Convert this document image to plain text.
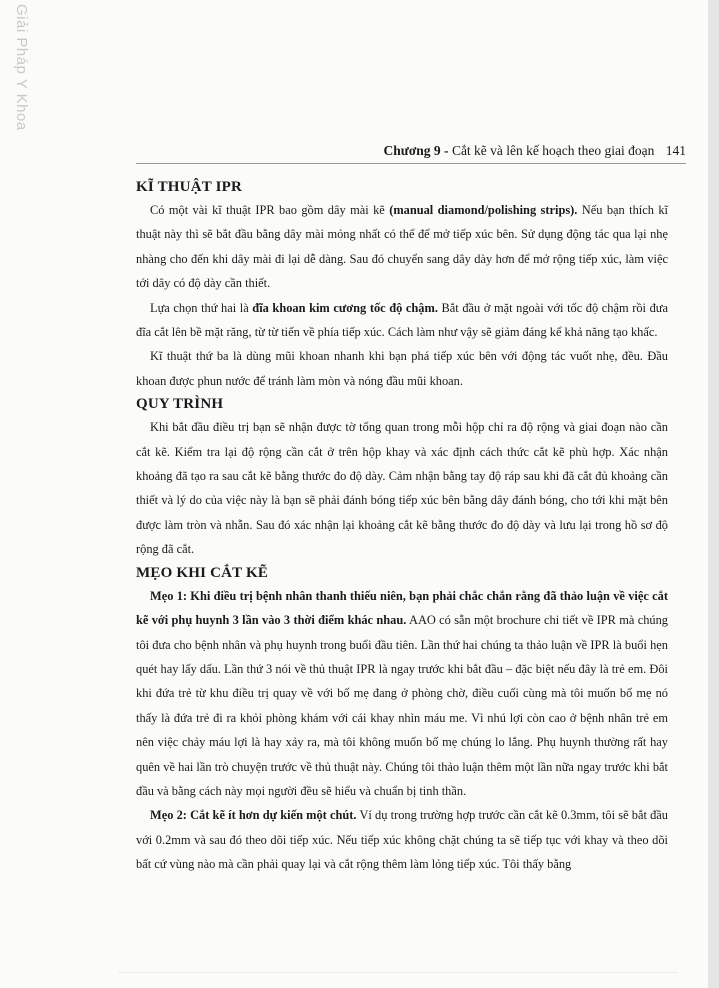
Giải Pháp Y Khoa
Chương 9 - Cắt kẽ và lên kế hoạch theo giai đoạn 141
KĨ THUẬT IPR

Có một vài kĩ thuật IPR bao gồm dây mài kẽ (manual diamond/polishing strips). Nếu bạn thích kĩ thuật này thì sẽ bắt đầu bằng dây mài mỏng nhất có thể để mở tiếp xúc bên. Sử dụng động tác qua lại nhẹ nhàng cho đến khi dây mài đi lại dễ dàng. Sau đó chuyển sang dây dày hơn để mở rộng tiếp xúc, làm việc tới dây có độ dày cần thiết.

Lựa chọn thứ hai là đĩa khoan kim cương tốc độ chậm. Bắt đầu ở mặt ngoài với tốc độ chậm rồi đưa đĩa cắt lên bề mặt răng, từ từ tiến về phía tiếp xúc. Cách làm như vậy sẽ giảm đáng kể khả năng tạo khấc.

Kĩ thuật thứ ba là dùng mũi khoan nhanh khi bạn phá tiếp xúc bên với động tác vuốt nhẹ, đều. Đầu khoan được phun nước để tránh làm mòn và nóng đầu mũi khoan.

QUY TRÌNH

Khi bắt đầu điều trị bạn sẽ nhận được tờ tổng quan trong mỗi hộp chỉ ra độ rộng và giai đoạn nào cần cắt kẽ. Kiểm tra lại độ rộng cần cắt ở trên hộp khay và xác định cách thức cắt kẽ phù hợp. Xác nhận khoảng đã tạo ra sau cắt kẽ bằng thước đo độ dày. Cảm nhận bằng tay độ ráp sau khi đã cắt đủ khoảng cần thiết và lý do của việc này là bạn sẽ phải đánh bóng tiếp xúc bên bằng dây đánh bóng, cho tới khi mặt bên được làm tròn và nhẵn. Sau đó xác nhận lại khoảng cắt kẽ bằng thước đo độ dày và lưu lại trong hồ sơ độ rộng đã cắt.

MẸO KHI CẮT KẼ

Mẹo 1: Khi điều trị bệnh nhân thanh thiếu niên, bạn phải chắc chắn rằng đã thảo luận về việc cắt kẽ với phụ huynh 3 lần vào 3 thời điểm khác nhau. AAO có sẵn một brochure chi tiết về IPR mà chúng tôi đưa cho bệnh nhân và phụ huynh trong buổi đầu tiên. Lần thứ hai chúng ta thảo luận về IPR là buổi hẹn quét hay lấy dấu. Lần thứ 3 nói về thủ thuật IPR là ngay trước khi bắt đầu – đặc biệt nếu đây là trẻ em. Đôi khi đứa trẻ từ khu điều trị quay về với bố mẹ đang ở phòng chờ, điều cuối cùng mà tôi muốn bố mẹ nó thấy là đứa trẻ đi ra khỏi phòng khám với cái khay nhìn máu me. Vì nhú lợi còn cao ở bệnh nhân trẻ em nên việc chảy máu lợi là hay xảy ra, mà tôi không muốn bố mẹ chúng lo lắng. Phụ huynh thường rất hay quên về hai lần trò chuyện trước về thủ thuật này. Chúng tôi thảo luận thêm một lần nữa ngay trước khi bắt đầu và bằng cách này mọi người đều sẽ hiểu và chuẩn bị tinh thần.

Mẹo 2: Cắt kẽ ít hơn dự kiến một chút. Ví dụ trong trường hợp trước cần cắt kẽ 0.3mm, tôi sẽ bắt đầu với 0.2mm và sau đó theo dõi tiếp xúc. Nếu tiếp xúc không chặt chúng ta sẽ tiếp tục với khay và theo dõi bất cứ vùng nào mà cần phải quay lại và cắt rộng thêm làm lỏng tiếp xúc. Tôi thấy bằng
